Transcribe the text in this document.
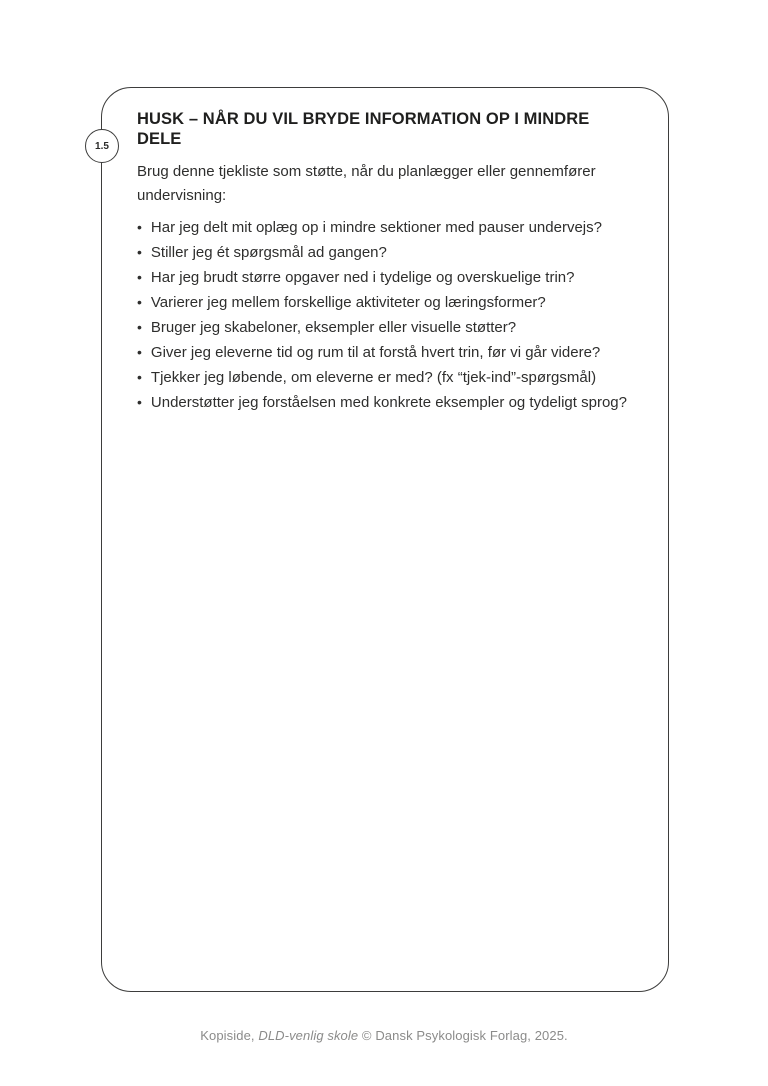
1.5
HUSK – NÅR DU VIL BRYDE INFORMATION OP I MINDRE DELE

Brug denne tjekliste som støtte, når du planlægger eller gennemfører undervisning:

• Har jeg delt mit oplæg op i mindre sektioner med pauser undervejs?
• Stiller jeg ét spørgsmål ad gangen?
• Har jeg brudt større opgaver ned i tydelige og overskuelige trin?
• Varierer jeg mellem forskellige aktiviteter og læringsformer?
• Bruger jeg skabeloner, eksempler eller visuelle støtter?
• Giver jeg eleverne tid og rum til at forstå hvert trin, før vi går videre?
• Tjekker jeg løbende, om eleverne er med? (fx “tjek-ind”-spørgsmål)
• Understøtter jeg forståelsen med konkrete eksempler og tydeligt sprog?
Kopiside, DLD-venlig skole © Dansk Psykologisk Forlag, 2025.
